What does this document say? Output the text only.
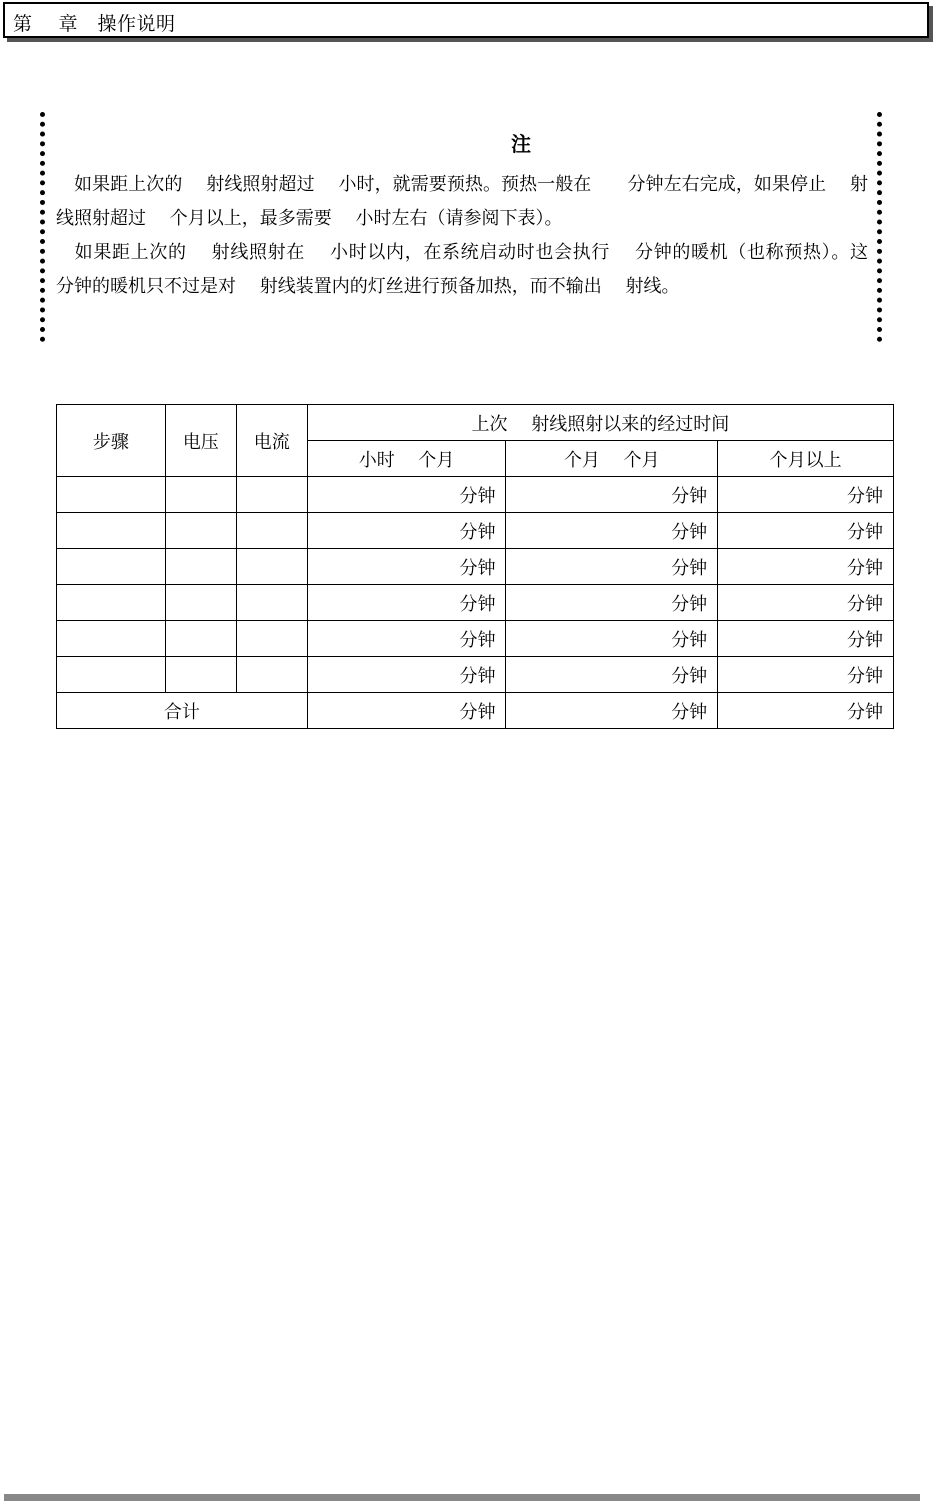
第　 章　操作说明
注
　如果距上次的　 射线照射超过　 小时，就需要预热。预热一般在　　分钟左右完成，如果停止　 射线照射超过　 个月以上，最多需要　 小时左右（请参阅下表）。
　如果距上次的　 射线照射在　 小时以内，在系统启动时也会执行　 分钟的暖机（也称预热）。这　 分钟的暖机只不过是对　 射线装置内的灯丝进行预备加热，而不输出　 射线。
步骤	电压	电流	上次　 射线照射以来的经过时间		
			小时　 个月	个月　 个月	个月以上
			分钟	分钟	分钟
			分钟	分钟	分钟
			分钟	分钟	分钟
			分钟	分钟	分钟
			分钟	分钟	分钟
			分钟	分钟	分钟
合计			分钟	分钟	分钟
